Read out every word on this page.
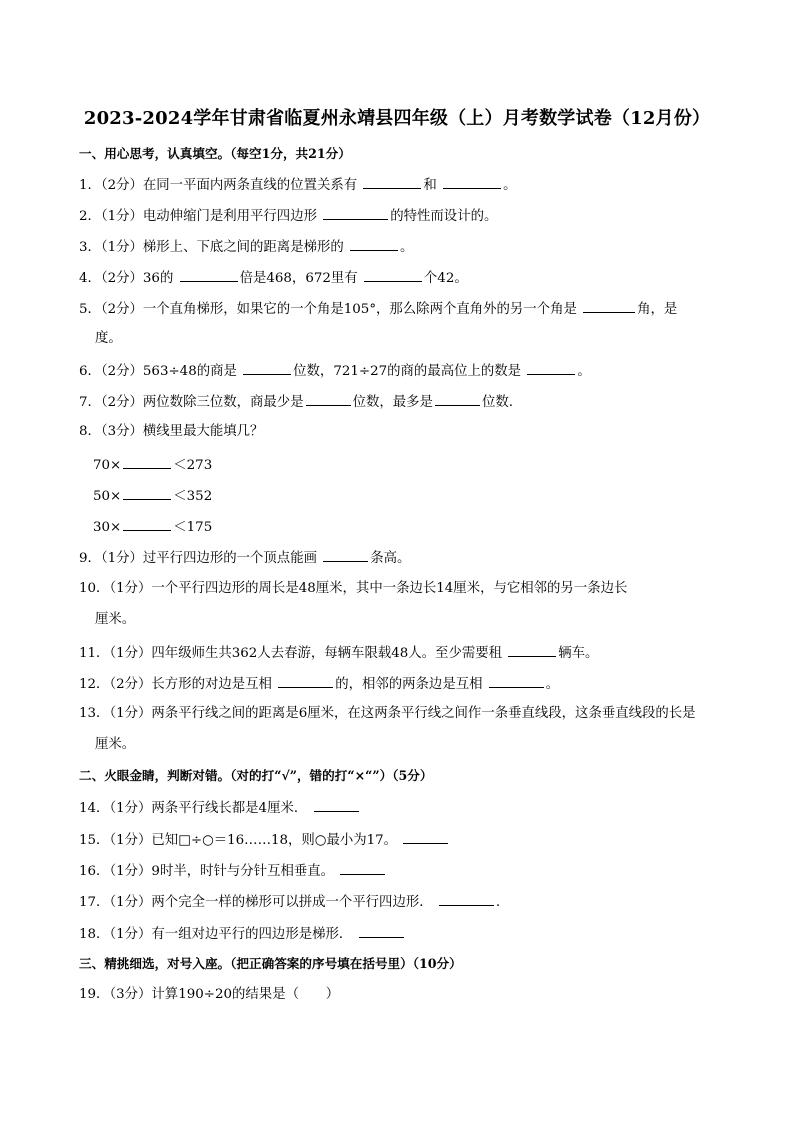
2023-2024学年甘肃省临夏州永靖县四年级（上）月考数学试卷（12月份）
一、用心思考，认真填空。（每空1分，共21分）
1．（2分）在同一平面内两条直线的位置关系有	和	。
2．（1分）电动伸缩门是利用平行四边形	的特性而设计的。
3．（1分）梯形上、下底之间的距离是梯形的	。
4．（2分）36的	倍是468，672里有	个42。
5．（2分）一个直角梯形，如果它的一个角是105°，那么除两个直角外的另一个角是	角，是
度。
6．（2分）563÷48的商是	位数，721÷27的商的最高位上的数是	。
7．（2分）两位数除三位数，商最少是	位数，最多是	位数.
8．（3分）横线里最大能填几？
70×	＜273
50×	＜352
30×	＜175
9．（1分）过平行四边形的一个顶点能画	条高。
10．（1分）一个平行四边形的周长是48厘米，其中一条边长14厘米，与它相邻的另一条边长
厘米。
11．（1分）四年级师生共362人去春游，每辆车限载48人。至少需要租	辆车。
12．（2分）长方形的对边是互相	的，相邻的两条边是互相	。
13．（1分）两条平行线之间的距离是6厘米，在这两条平行线之间作一条垂直线段，这条垂直线段的长是
厘米。
二、火眼金睛，判断对错。（对的打“√”，错的打“×“”）（5分）
14．（1分）两条平行线长都是4厘米．
15．（1分）已知□÷○＝16……18，则○最小为17。
16．（1分）9时半，时针与分针互相垂直。
17．（1分）两个完全一样的梯形可以拼成一个平行四边形．	.
18．（1分）有一组对边平行的四边形是梯形．
三、精挑细选，对号入座。（把正确答案的序号填在括号里）（10分）
19．（3分）计算190÷20的结果是（　　）
